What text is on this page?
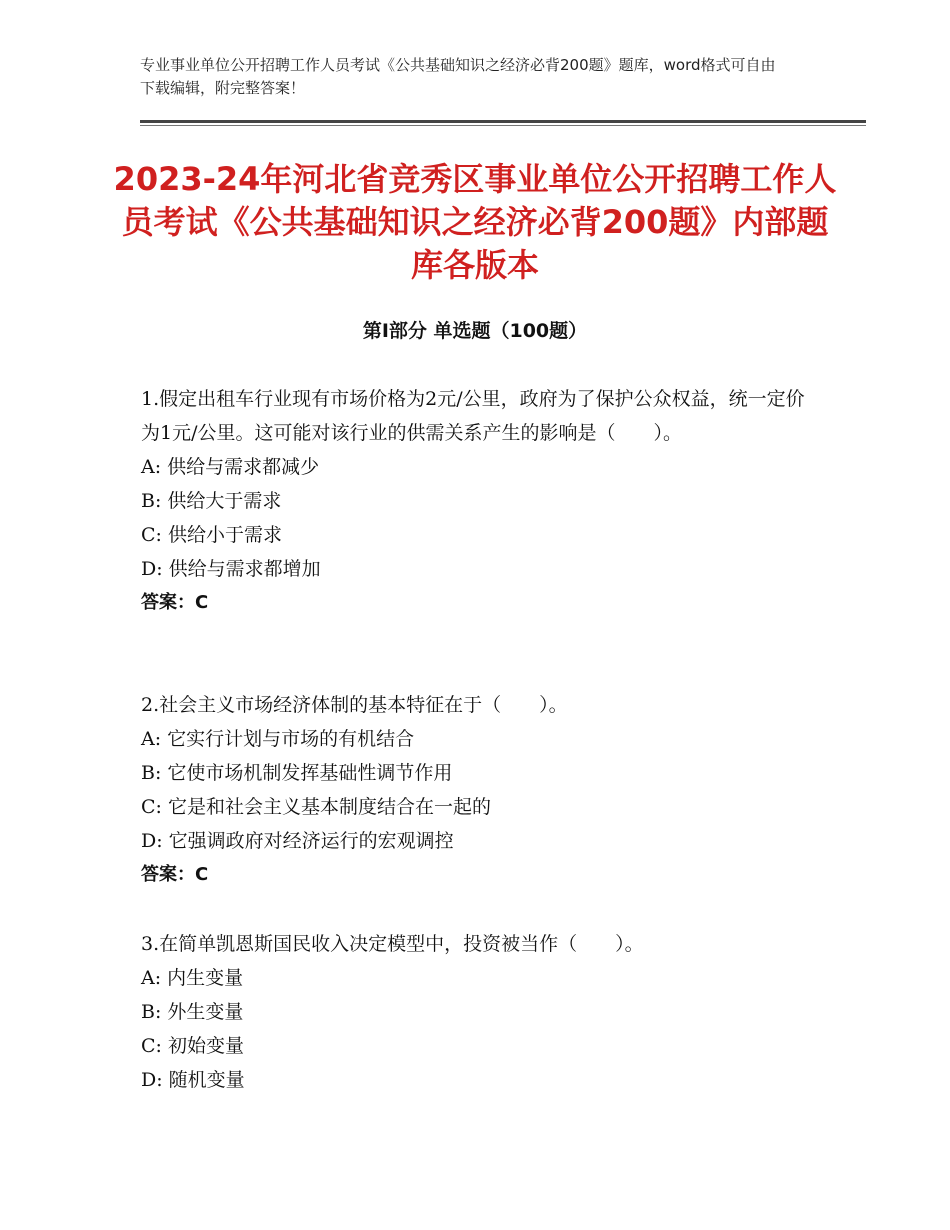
专业事业单位公开招聘工作人员考试《公共基础知识之经济必背200题》题库，word格式可自由下载编辑，附完整答案！
2023-24年河北省竞秀区事业单位公开招聘工作人员考试《公共基础知识之经济必背200题》内部题库各版本
第Ⅰ部分 单选题（100题）

1.假定出租车行业现有市场价格为2元/公里，政府为了保护公众权益，统一定价为1元/公里。这可能对该行业的供需关系产生的影响是（　　）。

A: 供给与需求都减少

B: 供给大于需求

C: 供给小于需求

D: 供给与需求都增加

答案：C

2.社会主义市场经济体制的基本特征在于（　　）。

A: 它实行计划与市场的有机结合

B: 它使市场机制发挥基础性调节作用

C: 它是和社会主义基本制度结合在一起的

D: 它强调政府对经济运行的宏观调控

答案：C

3.在简单凯恩斯国民收入决定模型中，投资被当作（　　）。

A: 内生变量

B: 外生变量

C: 初始变量

D: 随机变量
